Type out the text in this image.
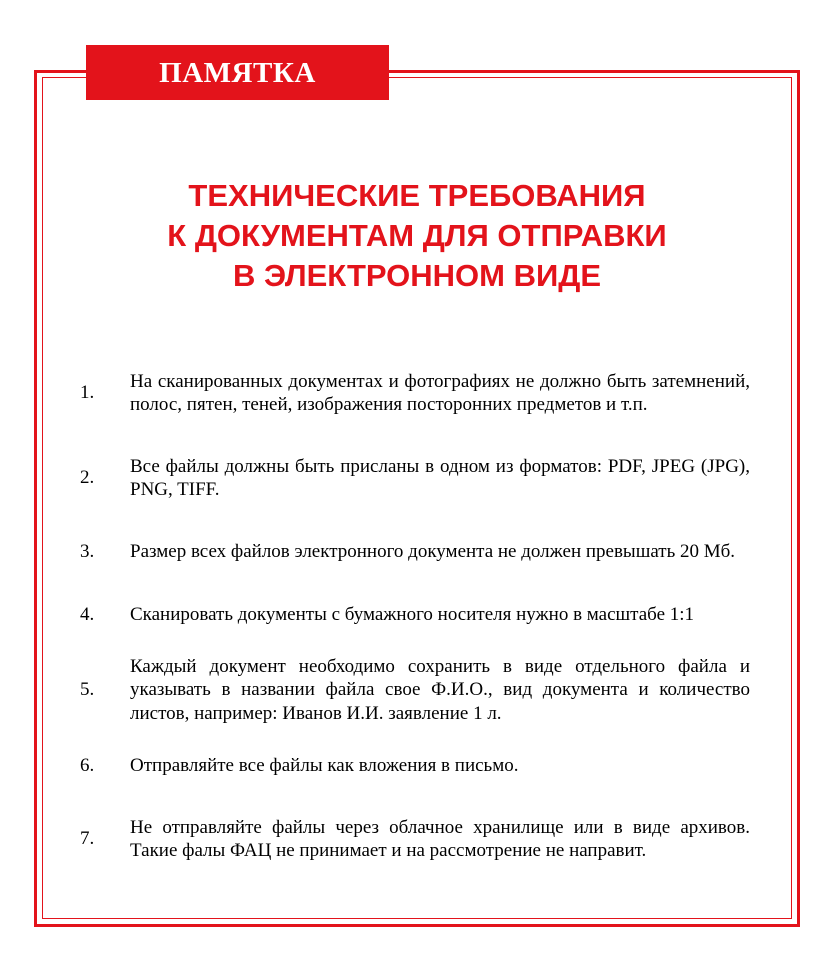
ПАМЯТКА
ТЕХНИЧЕСКИЕ ТРЕБОВАНИЯ
К ДОКУМЕНТАМ ДЛЯ ОТПРАВКИ
В ЭЛЕКТРОННОМ ВИДЕ
1.
На сканированных документах и фотографиях не должно быть затемнений, полос, пятен, теней, изображения посторонних предметов и т.п.
2.
Все файлы должны быть присланы в одном из форматов: PDF, JPEG (JPG), PNG, TIFF.
3.	Размер всех файлов электронного документа не должен превышать 20 Мб.
4.	Сканировать документы с бумажного носителя нужно в масштабе 1:1
5.
Каждый документ необходимо сохранить в виде отдельного файла и указывать в названии файла свое Ф.И.О., вид документа и количество листов, например: Иванов И.И. заявление 1 л.
6.	Отправляйте все файлы как вложения в письмо.
7.
Не отправляйте файлы через облачное хранилище или в виде архивов. Такие фалы ФАЦ не принимает и на рассмотрение не направит.
